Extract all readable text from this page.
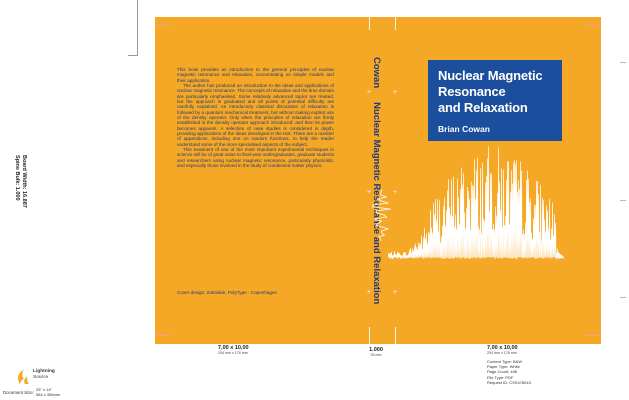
Board Width: 16.887
Spine Bulk: 1.000

This book provides an introduction to the general principles of nuclear magnetic resonance and relaxation, concentrating on simple models and their application.

The author has produced an introduction to the ideas and applications of nuclear magnetic resonance. The concepts of relaxation and the time domain are particularly emphasised. Some relatively advanced topics are treated, but the approach is graduated and all points of potential difficulty are carefully explained. An introductory classical discussion of relaxation is followed by a quantum mechanical treatment, but without making explicit use of the density operator. Only when the principles of relaxation are firmly established is the density operator approach introduced; and then its power becomes apparent. A selection of case studies is considered in depth, providing applications of the ideas developed in the text. There are a number of appendices, including one on random functions, to help the reader understand some of the more specialised aspects of the subject.

This treatment of one of the most important experimental techniques in science will be of great value to final-year undergraduates, graduate students and researchers using nuclear magnetic resonance, particularly physicists, and especially those involved in the study of condensed matter physics.

Cover design: Zabriskie, PolyType · Copenhagen
+	+
+	+
+	+
CowanNuclear Magnetic Resonance and Relaxation
Nuclear Magnetic
Resonance
and Relaxation
Brian Cowan
7,00 x 10,00
254 mm x 178 mm	1.000
25 mm
7,00 x 10,00
254 mm x 178 mm
Content Type: B&W
Paper Type: White
Page Count: 496
File Type: PDF
Request ID: CSS478043
Lightning
Source
Document Size:
25" x 14"
584 x 356mm
